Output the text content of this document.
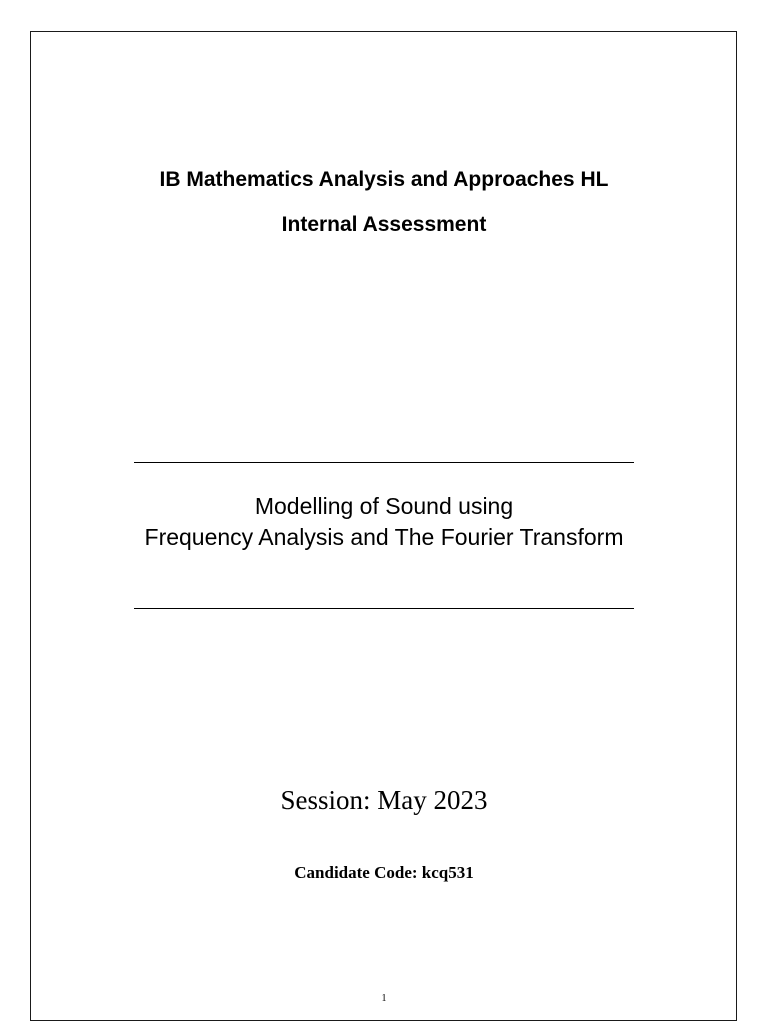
IB Mathematics Analysis and Approaches HL
Internal Assessment
Modelling of Sound using
Frequency Analysis and The Fourier Transform
Session: May 2023
Candidate Code: kcq531
1
